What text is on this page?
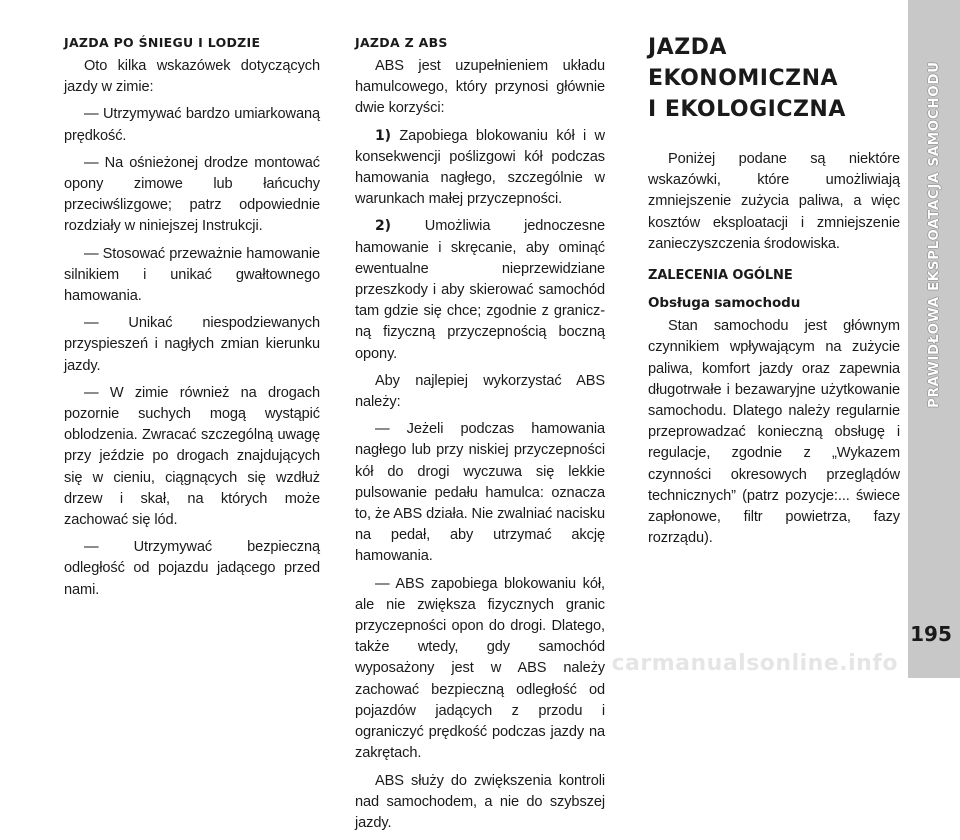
JAZDA PO ŚNIEGU I LODZIE
Oto kilka wskazówek dotyczących jazdy w zimie:
— Utrzymywać bardzo umiarkowaną prędkość.
— Na ośnieżonej drodze montować opony zimowe lub łańcuchy przeciwślizgowe; patrz odpowiednie rozdziały w niniejszej Instrukcji.
— Stosować przeważnie hamowanie silnikiem i unikać gwałtownego hamowania.
— Unikać niespodziewanych przyspieszeń i nagłych zmian kierunku jazdy.
— W zimie również na drogach pozornie suchych mogą wystąpić oblodzenia. Zwracać szczególną uwagę przy jeździe po drogach znajdujących się w cieniu, ciągnących się wzdłuż drzew i skał, na których może zachować się lód.
— Utrzymywać bezpieczną odległość od pojazdu jadącego przed nami.
JAZDA Z ABS
ABS jest uzupełnieniem układu hamulcowego, który przynosi głównie dwie korzyści:
1) Zapobiega blokowaniu kół i w konsekwencji poślizgowi kół podczas hamowania nagłego, szczególnie w warunkach małej przyczepności.
2) Umożliwia jednoczesne hamowanie i skręcanie, aby ominąć ewentualne nieprzewidziane przeszkody i aby skierować samochód tam gdzie się chce; zgodnie z granicz-ną fizyczną przyczepnością boczną opony.
Aby najlepiej wykorzystać ABS należy:
— Jeżeli podczas hamowania nagłego lub przy niskiej przyczepności kół do drogi wyczuwa się lekkie pulsowanie pedału hamulca: oznacza to, że ABS działa. Nie zwalniać nacisku na pedał, aby utrzymać akcję hamowania.
— ABS zapobiega blokowaniu kół, ale nie zwiększa fizycznych granic przyczepności opon do drogi. Dlatego, także wtedy, gdy samochód wyposażony jest w ABS należy zachować bezpieczną odległość od pojazdów jadących z przodu i ograniczyć prędkość podczas jazdy na zakrętach.
ABS służy do zwiększenia kontroli nad samochodem, a nie do szybszej jazdy.
JAZDA EKONOMICZNA
I EKOLOGICZNA
Poniżej podane są niektóre wskazówki, które umożliwiają zmniejszenie zużycia paliwa, a więc kosztów eksploatacji i zmniejszenie zanieczyszczenia środowiska.
ZALECENIA OGÓLNE
Obsługa samochodu
Stan samochodu jest głównym czynnikiem wpływającym na zużycie paliwa, komfort jazdy oraz zapewnia długotrwałe i bezawaryjne użytkowanie samochodu. Dlatego należy regularnie przeprowadzać konieczną obsługę i regulacje, zgodnie z „Wykazem czynności okresowych przeglądów technicznych” (patrz pozycje:... świece zapłonowe, filtr powietrza, fazy rozrządu).
PRAWIDŁOWA EKSPLOATACJA SAMOCHODU
195
carmanualsonline.info
